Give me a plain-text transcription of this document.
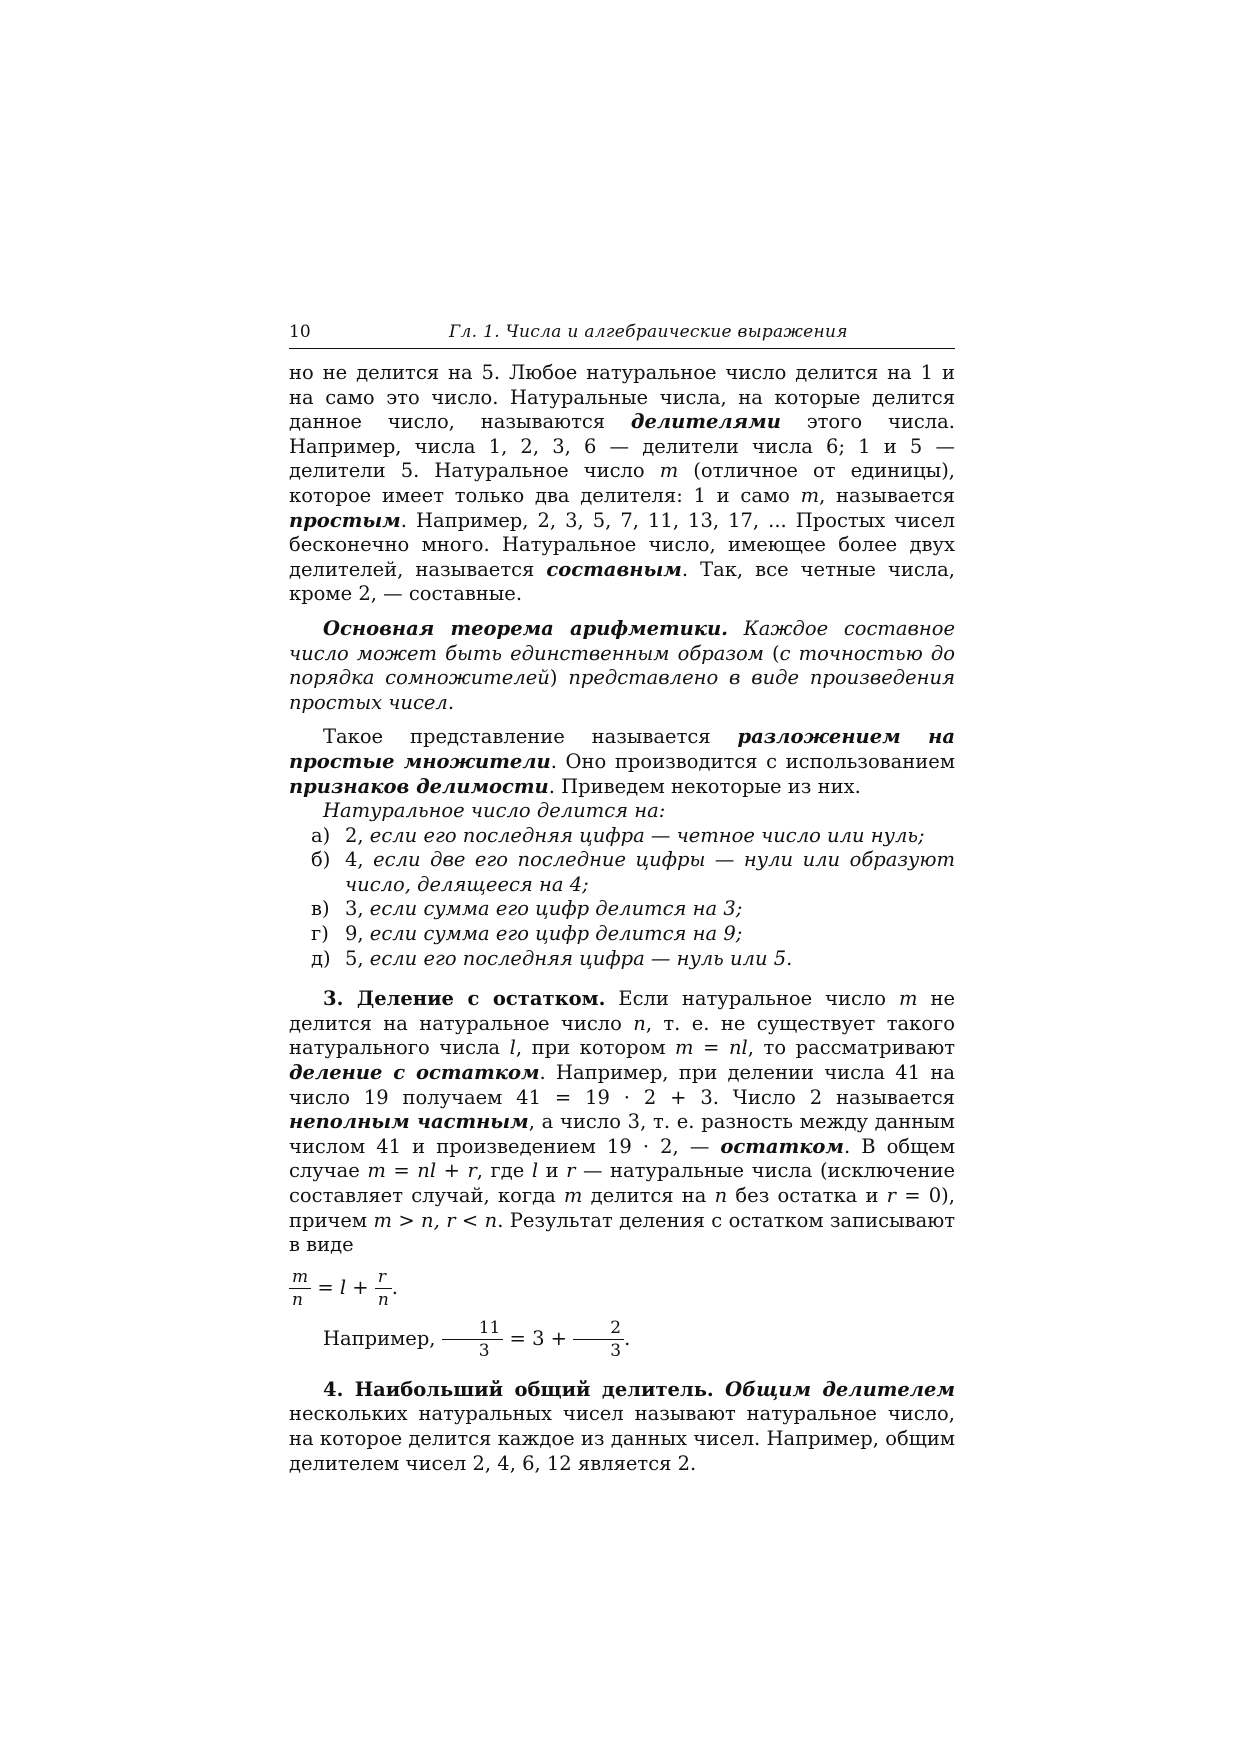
10	Гл. 1. Числа и алгебраические выражения

но не делится на 5. Любое натуральное число делится на 1 и на само это число. Натуральные числа, на которые делится данное число, называются делителями этого числа. Например, числа 1, 2, 3, 6 — делители числа 6; 1 и 5 — делители 5. Натуральное число m (отличное от единицы), которое имеет только два делителя: 1 и само m, называется простым. Например, 2, 3, 5, 7, 11, 13, 17, ... Простых чисел бесконечно много. Натуральное число, имеющее более двух делителей, называется составным. Так, все четные числа, кроме 2, — составные.

Основная теорема арифметики. Каждое составное число может быть единственным образом (с точностью до порядка сомножителей) представлено в виде произведения простых чисел.

Такое представление называется разложением на простые множители. Оно производится с использованием признаков делимости. Приведем некоторые из них.

Натуральное число делится на:

а) 2, если его последняя цифра — четное число или нуль;
б) 4, если две его последние цифры — нули или образуют число, делящееся на 4;
в) 3, если сумма его цифр делится на 3;
г) 9, если сумма его цифр делится на 9;
д) 5, если его последняя цифра — нуль или 5.

3. Деление с остатком. Если натуральное число m не делится на натуральное число n, т. е. не существует такого натурального числа l, при котором m = nl, то рассматривают деление с остатком. Например, при делении числа 41 на число 19 получаем 41 = 19 · 2 + 3. Число 2 называется неполным частным, а число 3, т. е. разность между данным числом 41 и произведением 19 · 2, — остатком. В общем случае m = nl + r, где l и r — натуральные числа (исключение составляет случай, когда m делится на n без остатка и r = 0), причем m > n, r < n. Результат деления с остатком записывают в виде

$\frac{m}{n} = l + \frac{r}{n}$ .

Например, $\frac{11}{3} = 3 + \frac{2}{3}$ .

4. Наибольший общий делитель. Общим делителем нескольких натуральных чисел называют натуральное число, на которое делится каждое из данных чисел. Например, общим делителем чисел 2, 4, 6, 12 является 2.
